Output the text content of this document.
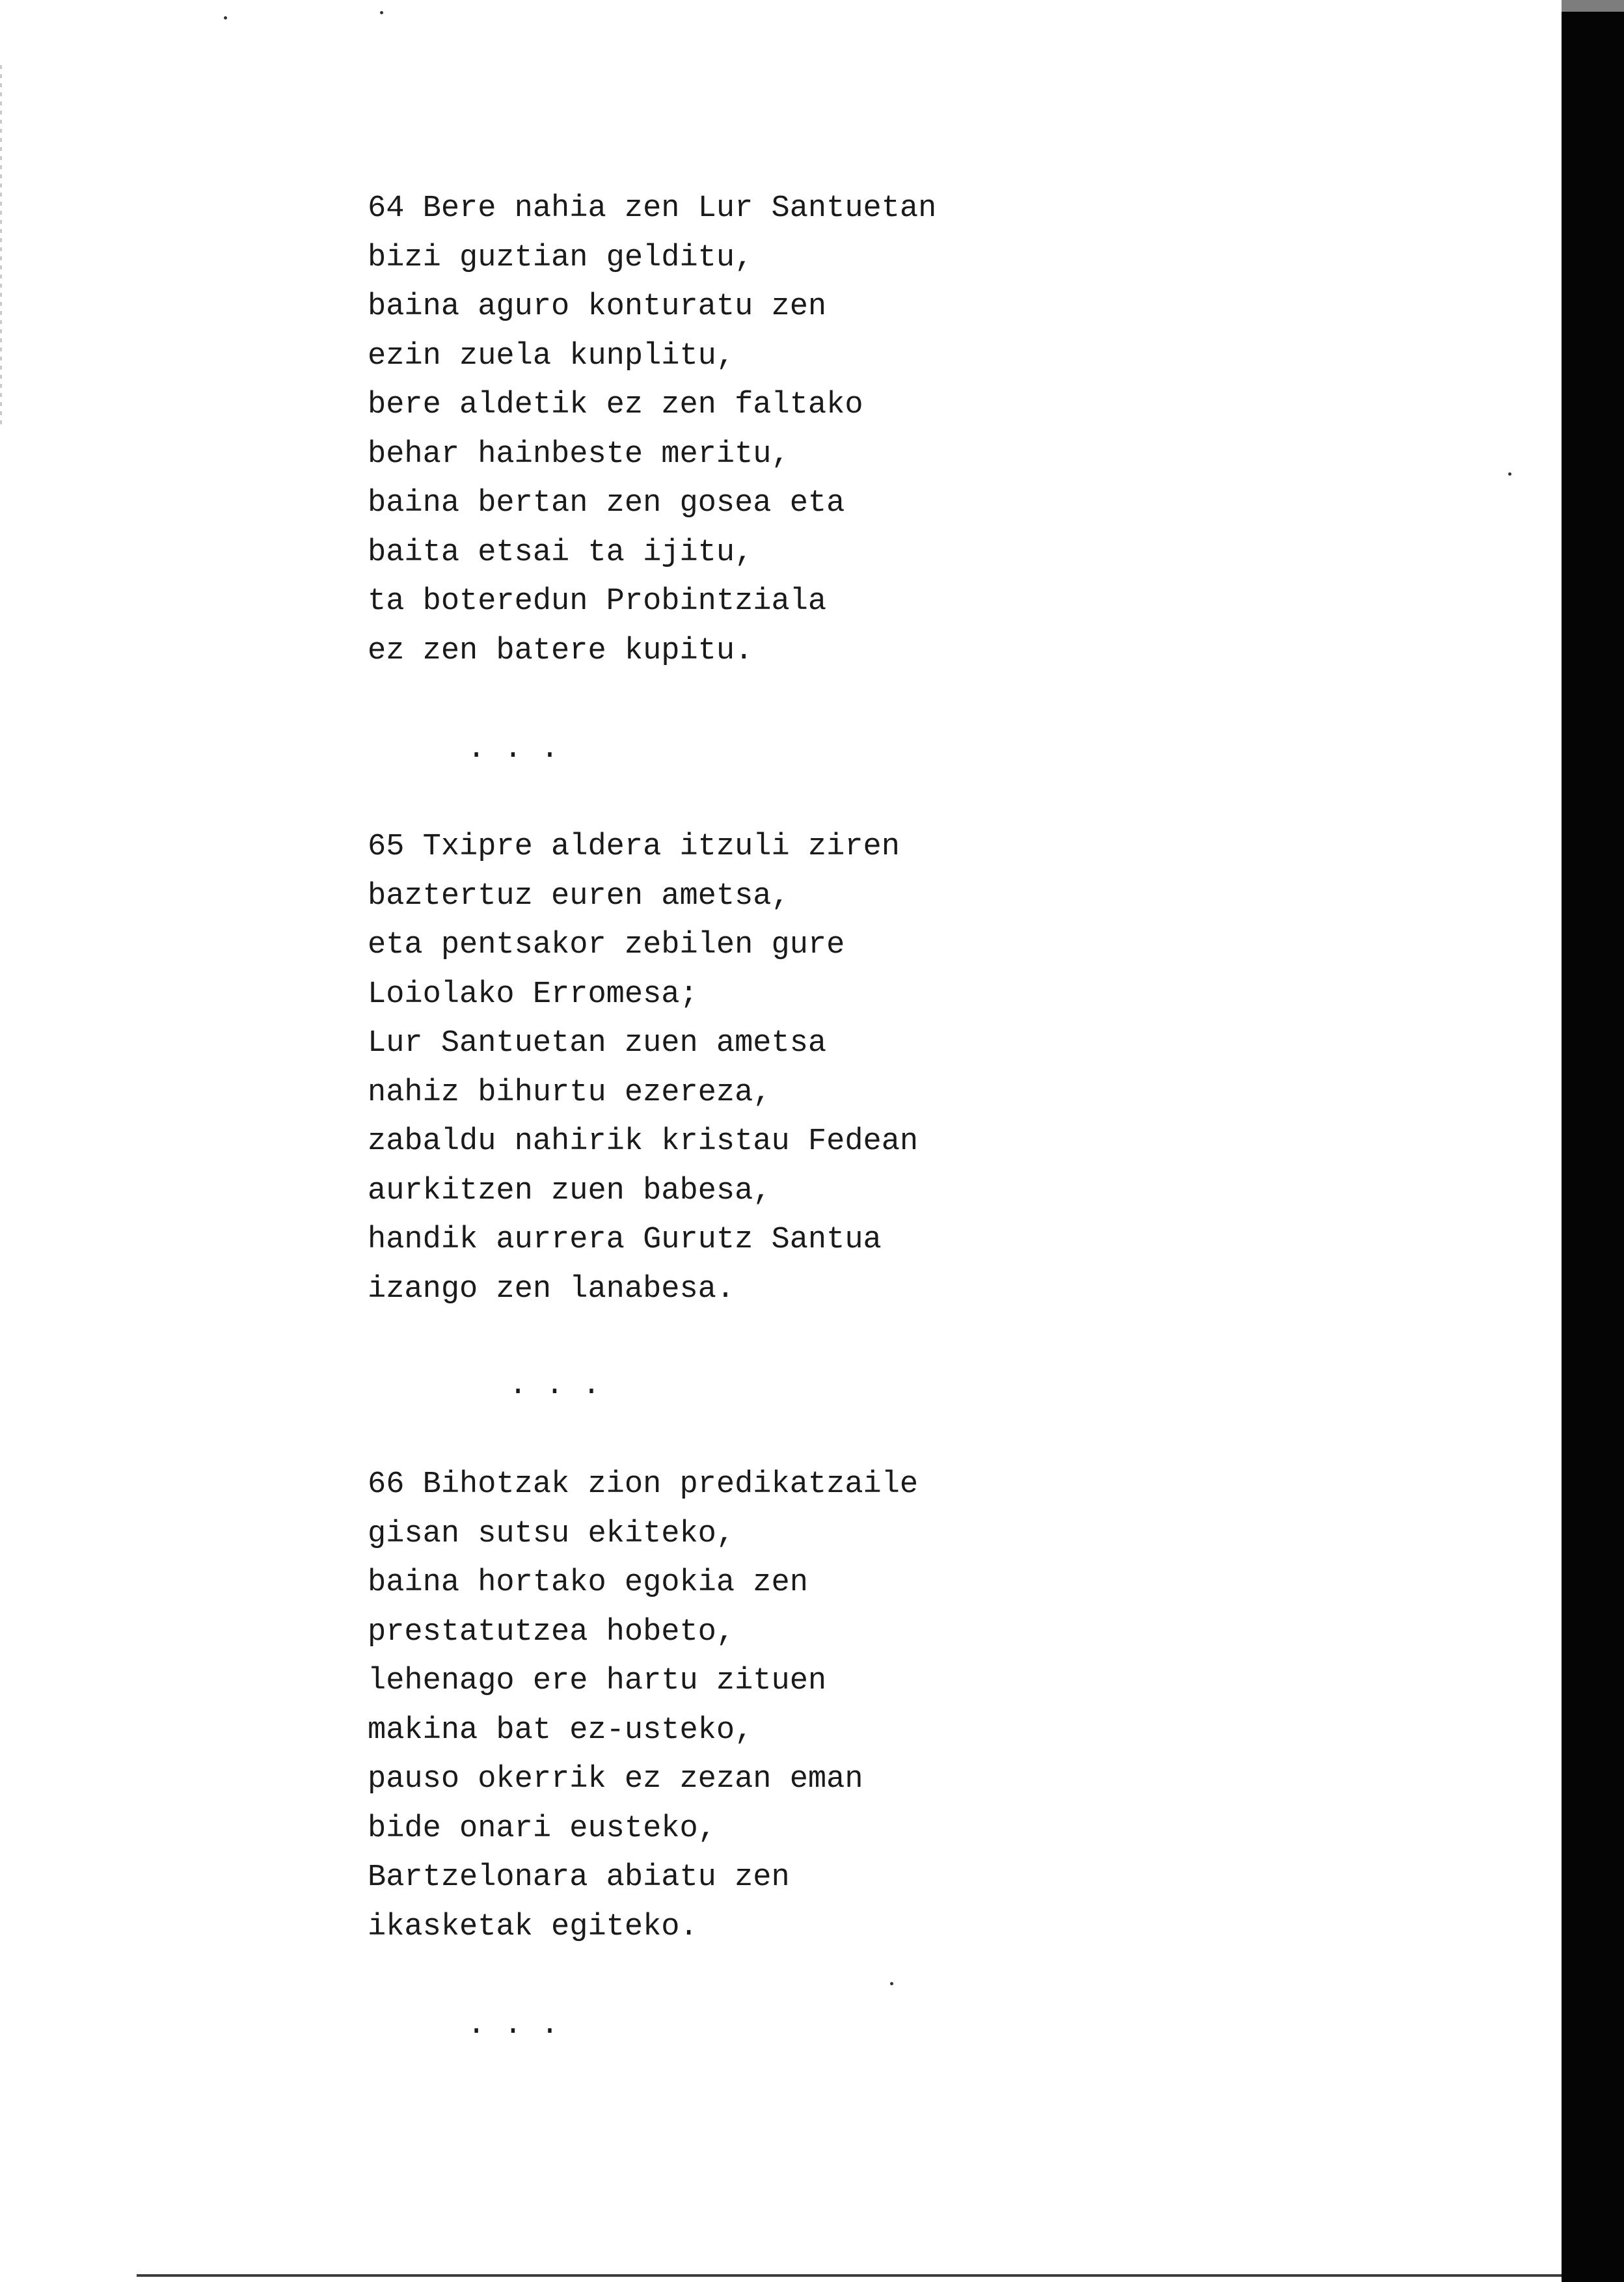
64 Bere nahia zen Lur Santuetan
bizi guztian gelditu,
baina aguro konturatu zen
ezin zuela kunplitu,
bere aldetik ez zen faltako
behar hainbeste meritu,
baina bertan zen gosea eta
baita etsai ta ijitu,
ta boteredun Probintziala
ez zen batere kupitu.
. . .
65 Txipre aldera itzuli ziren
baztertuz euren ametsa,
eta pentsakor zebilen gure
Loiolako Erromesa;
Lur Santuetan zuen ametsa
nahiz bihurtu ezereza,
zabaldu nahirik kristau Fedean
aurkitzen zuen babesa,
handik aurrera Gurutz Santua
izango zen lanabesa.
. . .
66 Bihotzak zion predikatzaile
gisan sutsu ekiteko,
baina hortako egokia zen
prestatutzea hobeto,
lehenago ere hartu zituen
makina bat ez-usteko,
pauso okerrik ez zezan eman
bide onari eusteko,
Bartzelonara abiatu zen
ikasketak egiteko.
. . .
